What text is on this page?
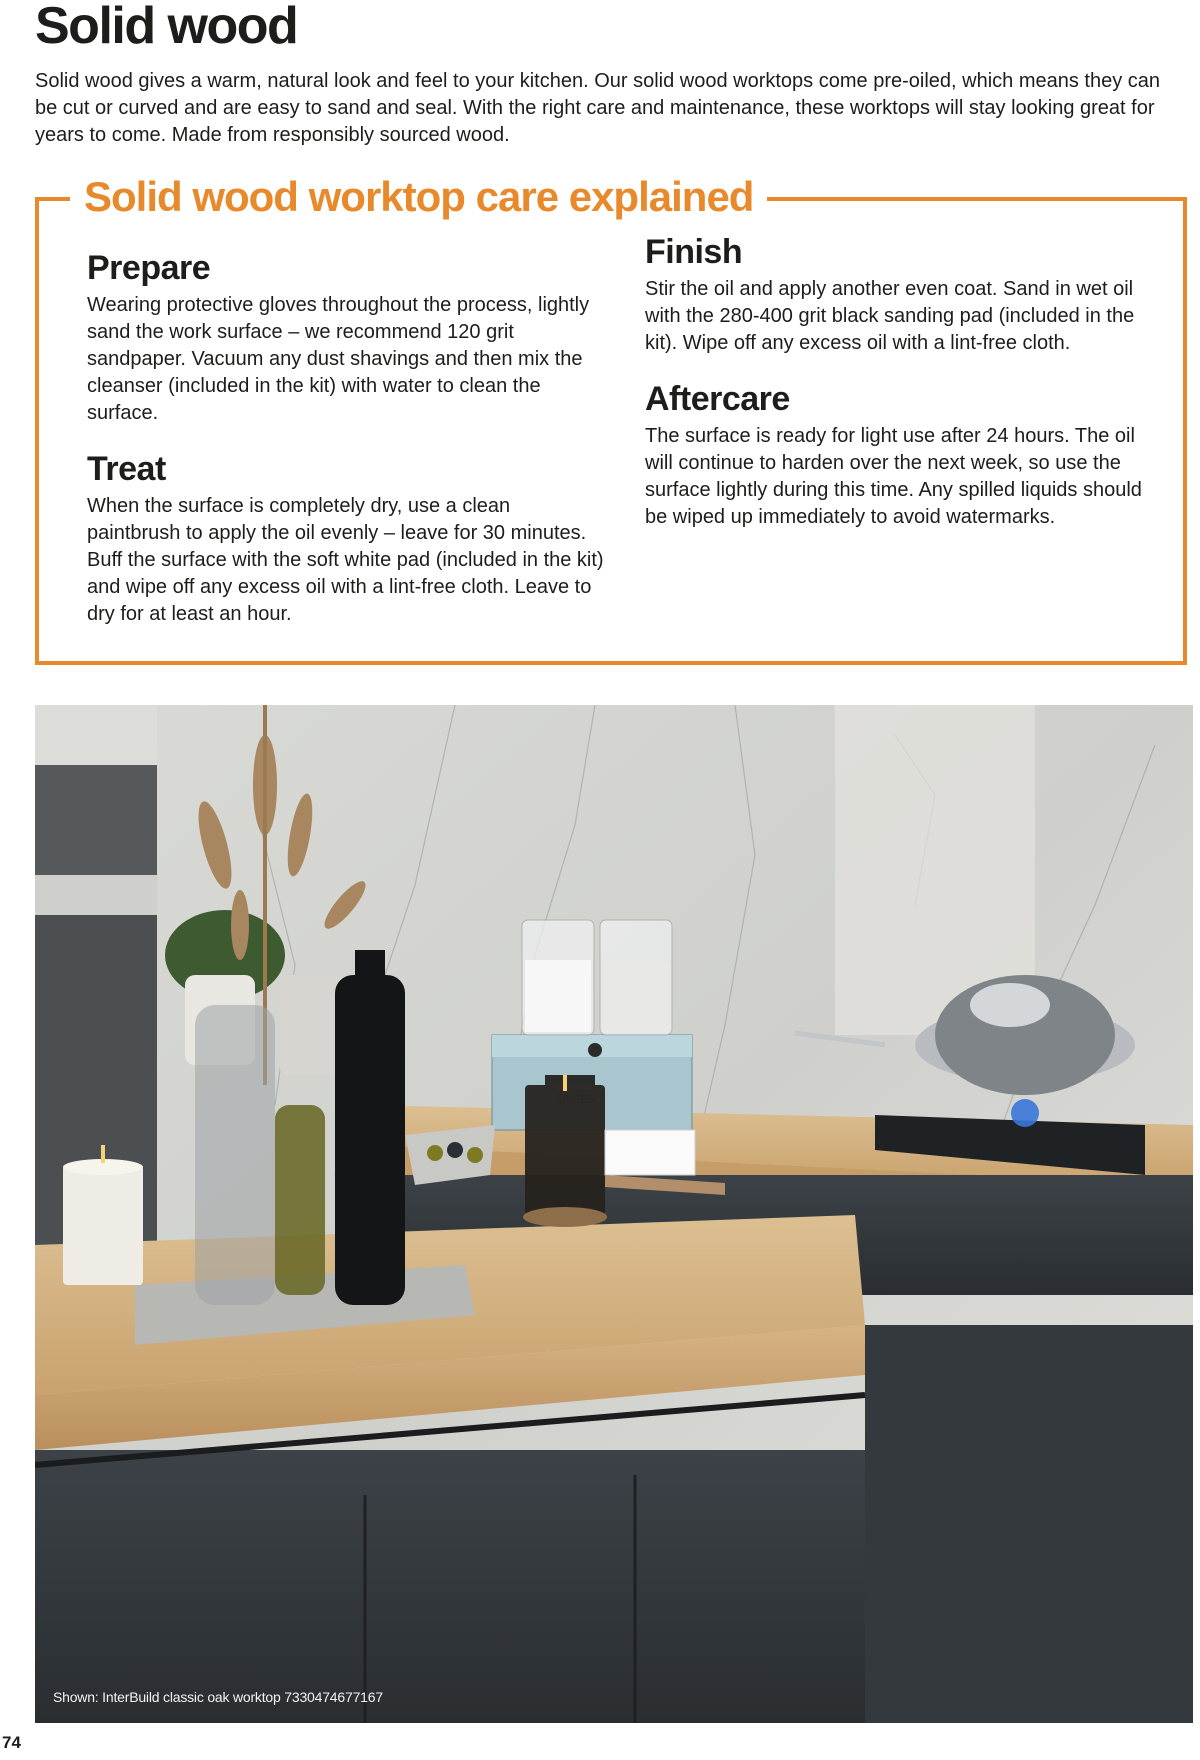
Solid wood

Solid wood gives a warm, natural look and feel to your kitchen. Our solid wood worktops come pre-oiled, which means they can be cut or curved and are easy to sand and seal. With the right care and maintenance, these worktops will stay looking great for years to come. Made from responsibly sourced wood.

Solid wood worktop care explained
Prepare

Wearing protective gloves throughout the process, lightly sand the work surface – we recommend 120 grit sandpaper. Vacuum any dust shavings and then mix the cleanser (included in the kit) with water to clean the surface.

Treat

When the surface is completely dry, use a clean paintbrush to apply the oil evenly – leave for 30 minutes. Buff the surface with the soft white pad (included in the kit) and wipe off any excess oil with a lint-free cloth. Leave to dry for at least an hour.

Finish

Stir the oil and apply another even coat. Sand in wet oil with the 280-400 grit black sanding pad (included in the kit). Wipe off any excess oil with a lint-free cloth.

Aftercare

The surface is ready for light use after 24 hours. The oil will continue to harden over the next week, so use the surface lightly during this time. Any spilled liquids should be wiped up immediately to avoid watermarks.

Shown: InterBuild classic oak worktop 7330474677167
74
